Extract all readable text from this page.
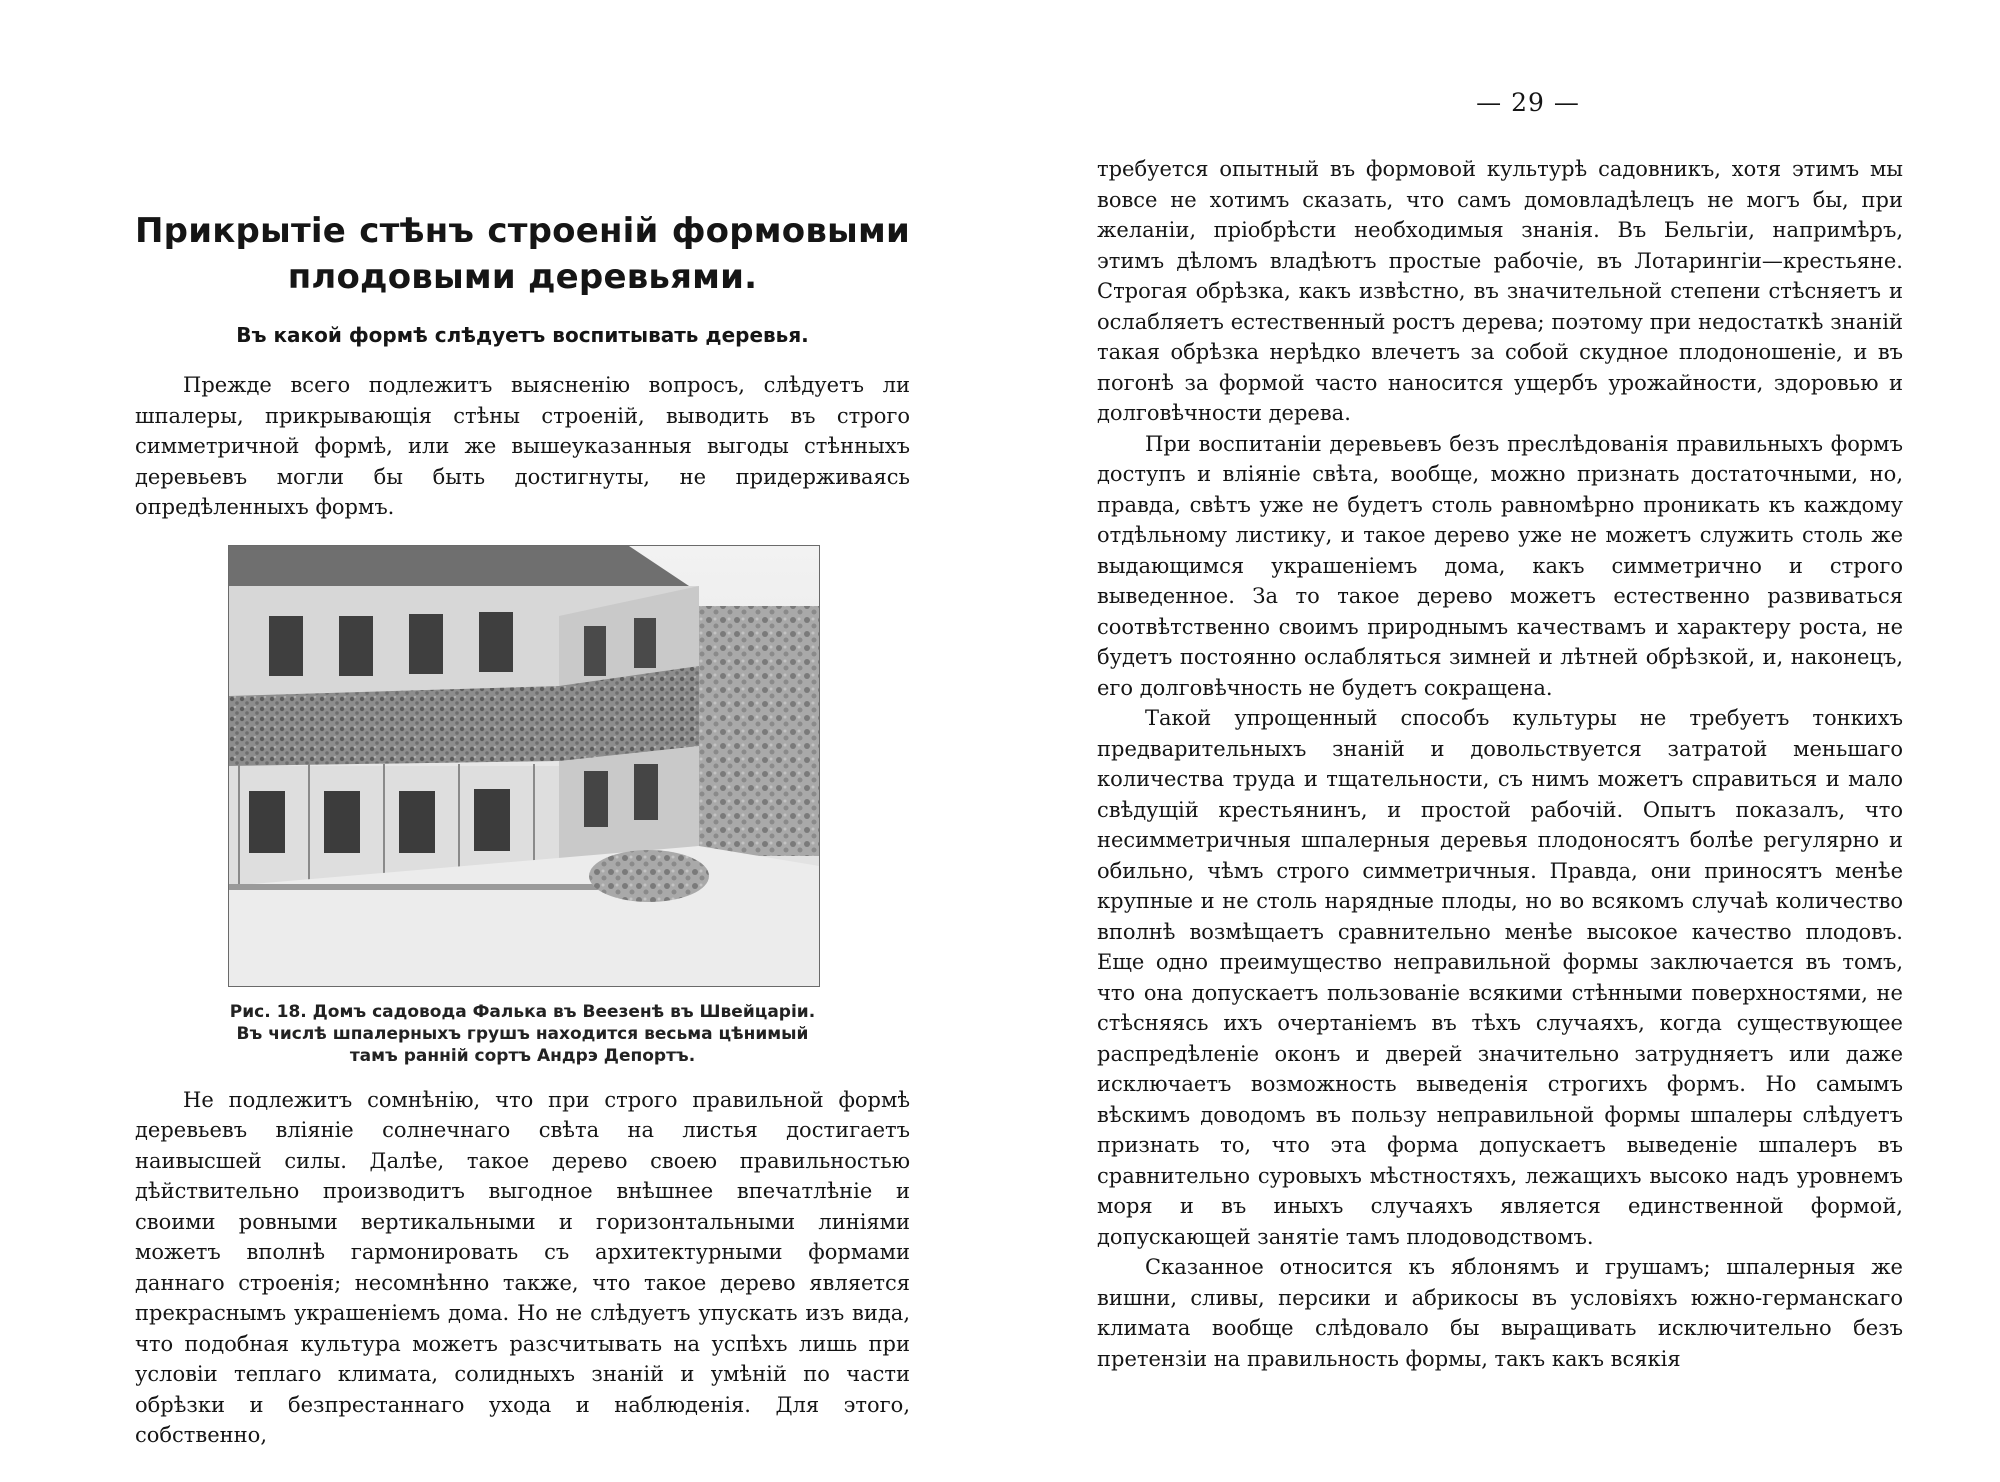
Прикрытіе стѣнъ строеній формовыми плодовыми деревьями.
Въ какой формѣ слѣдуетъ воспитывать деревья.

Прежде всего подлежитъ выясненію вопросъ, слѣдуетъ ли шпалеры, прикрывающія стѣны строеній, выводить въ строго симметричной формѣ, или же вышеуказанныя выгоды стѣнныхъ деревьевъ могли бы быть достигнуты, не придерживаясь опредѣленныхъ формъ.

Рис. 18. Домъ садовода Фалька въ Веезенѣ въ Швейцаріи.
Въ числѣ шпалерныхъ грушъ находится весьма цѣнимый
тамъ ранній сортъ Андрэ Депортъ.

Не подлежитъ сомнѣнію, что при строго правильной формѣ деревьевъ вліяніе солнечнаго свѣта на листья достигаетъ наивысшей силы. Далѣе, такое дерево своею правильностью дѣйствительно производитъ выгодное внѣшнее впечатлѣніе и своими ровными вертикальными и горизонтальными линіями можетъ вполнѣ гармонировать съ архитектурными формами даннаго строенія; несомнѣнно также, что такое дерево является прекраснымъ украшеніемъ дома. Но не слѣдуетъ упускать изъ вида, что подобная культура можетъ разсчитывать на успѣхъ лишь при условіи теплаго климата, солидныхъ знаній и умѣній по части обрѣзки и безпрестаннаго ухода и наблюденія. Для этого, собственно,

— 29 —

требуется опытный въ формовой культурѣ садовникъ, хотя этимъ мы вовсе не хотимъ сказать, что самъ домовладѣлецъ не могъ бы, при желаніи, пріобрѣсти необходимыя знанія. Въ Бельгіи, напримѣръ, этимъ дѣломъ владѣютъ простые рабочіе, въ Лотарингіи—крестьяне. Строгая обрѣзка, какъ извѣстно, въ значительной степени стѣсняетъ и ослабляетъ естественный ростъ дерева; поэтому при недостаткѣ знаній такая обрѣзка нерѣдко влечетъ за собой скудное плодоношеніе, и въ погонѣ за формой часто наносится ущербъ урожайности, здоровью и долговѣчности дерева.

При воспитаніи деревьевъ безъ преслѣдованія правильныхъ формъ доступъ и вліяніе свѣта, вообще, можно признать достаточными, но, правда, свѣтъ уже не будетъ столь равномѣрно проникать къ каждому отдѣльному листику, и такое дерево уже не можетъ служить столь же выдающимся украшеніемъ дома, какъ симметрично и строго выведенное. За то такое дерево можетъ естественно развиваться соотвѣтственно своимъ природнымъ качествамъ и характеру роста, не будетъ постоянно ослабляться зимней и лѣтней обрѣзкой, и, наконецъ, его долговѣчность не будетъ сокращена.

Такой упрощенный способъ культуры не требуетъ тонкихъ предварительныхъ знаній и довольствуется затратой меньшаго количества труда и тщательности, съ нимъ можетъ справиться и мало свѣдущій крестьянинъ, и простой рабочій. Опытъ показалъ, что несимметричныя шпалерныя деревья плодоносятъ болѣе регулярно и обильно, чѣмъ строго симметричныя. Правда, они приносятъ менѣе крупные и не столь нарядные плоды, но во всякомъ случаѣ количество вполнѣ возмѣщаетъ сравнительно менѣе высокое качество плодовъ. Еще одно преимущество неправильной формы заключается въ томъ, что она допускаетъ пользованіе всякими стѣнными поверхностями, не стѣсняясь ихъ очертаніемъ въ тѣхъ случаяхъ, когда существующее распредѣленіе оконъ и дверей значительно затрудняетъ или даже исключаетъ возможность выведенія строгихъ формъ. Но самымъ вѣскимъ доводомъ въ пользу неправильной формы шпалеры слѣдуетъ признать то, что эта форма допускаетъ выведеніе шпалеръ въ сравнительно суровыхъ мѣстностяхъ, лежащихъ высоко надъ уровнемъ моря и въ иныхъ случаяхъ является единственной формой, допускающей занятіе тамъ плодоводствомъ.

Сказанное относится къ яблонямъ и грушамъ; шпалерныя же вишни, сливы, персики и абрикосы въ условіяхъ южно-германскаго климата вообще слѣдовало бы выращивать исключительно безъ претензіи на правильность формы, такъ какъ всякія
